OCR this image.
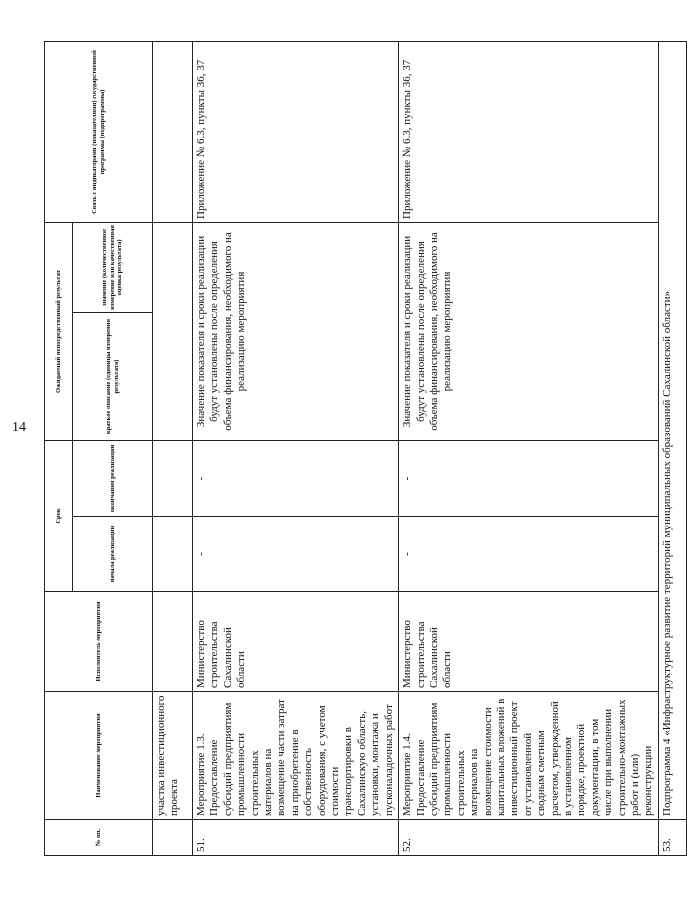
14
№ пп.	Наименование мероприятия	Исполнитель мероприятия	Срок		Ожидаемый непосредственный результат		Связь с индикаторами (показателями) государственной программы (подпрограммы)
			начала реализации	окончания реализации	краткое описание (единицы измерения результата)	значение (количественное измерение или качественная оценка результата)	
	участка инвестиционного проекта						
51.	Мероприятие 1.3. Предоставление субсидий предприятиям промышленности строительных материалов на возмещение части затрат на приобретение в собственность оборудования, с учетом стоимости транспортировки в Сахалинскую область, установки, монтажа и пусконаладочных работ	Министерство строительства Сахалинской области	-	-	Значение показателя и сроки реализации будут установлены после определения объема финансирования, необходимого на реализацию мероприятия		Приложение № 6.3, пункты 36, 37
52.	Мероприятие 1.4. Предоставление субсидий предприятиям промышленности строительных материалов на возмещение стоимости капитальных вложений в инвестиционный проект от установленной сводным сметным расчетом, утвержденной в установленном порядке, проектной документации, в том числе при выполнении строительно-монтажных работ и (или) реконструкции	Министерство строительства Сахалинской области	-	-	Значение показателя и сроки реализации будут установлены после определения объема финансирования, необходимого на реализацию мероприятия		Приложение № 6.3, пункты 36, 37
53.	Подпрограмма 4 «Инфраструктурное развитие территорий муниципальных образований Сахалинской области»						
